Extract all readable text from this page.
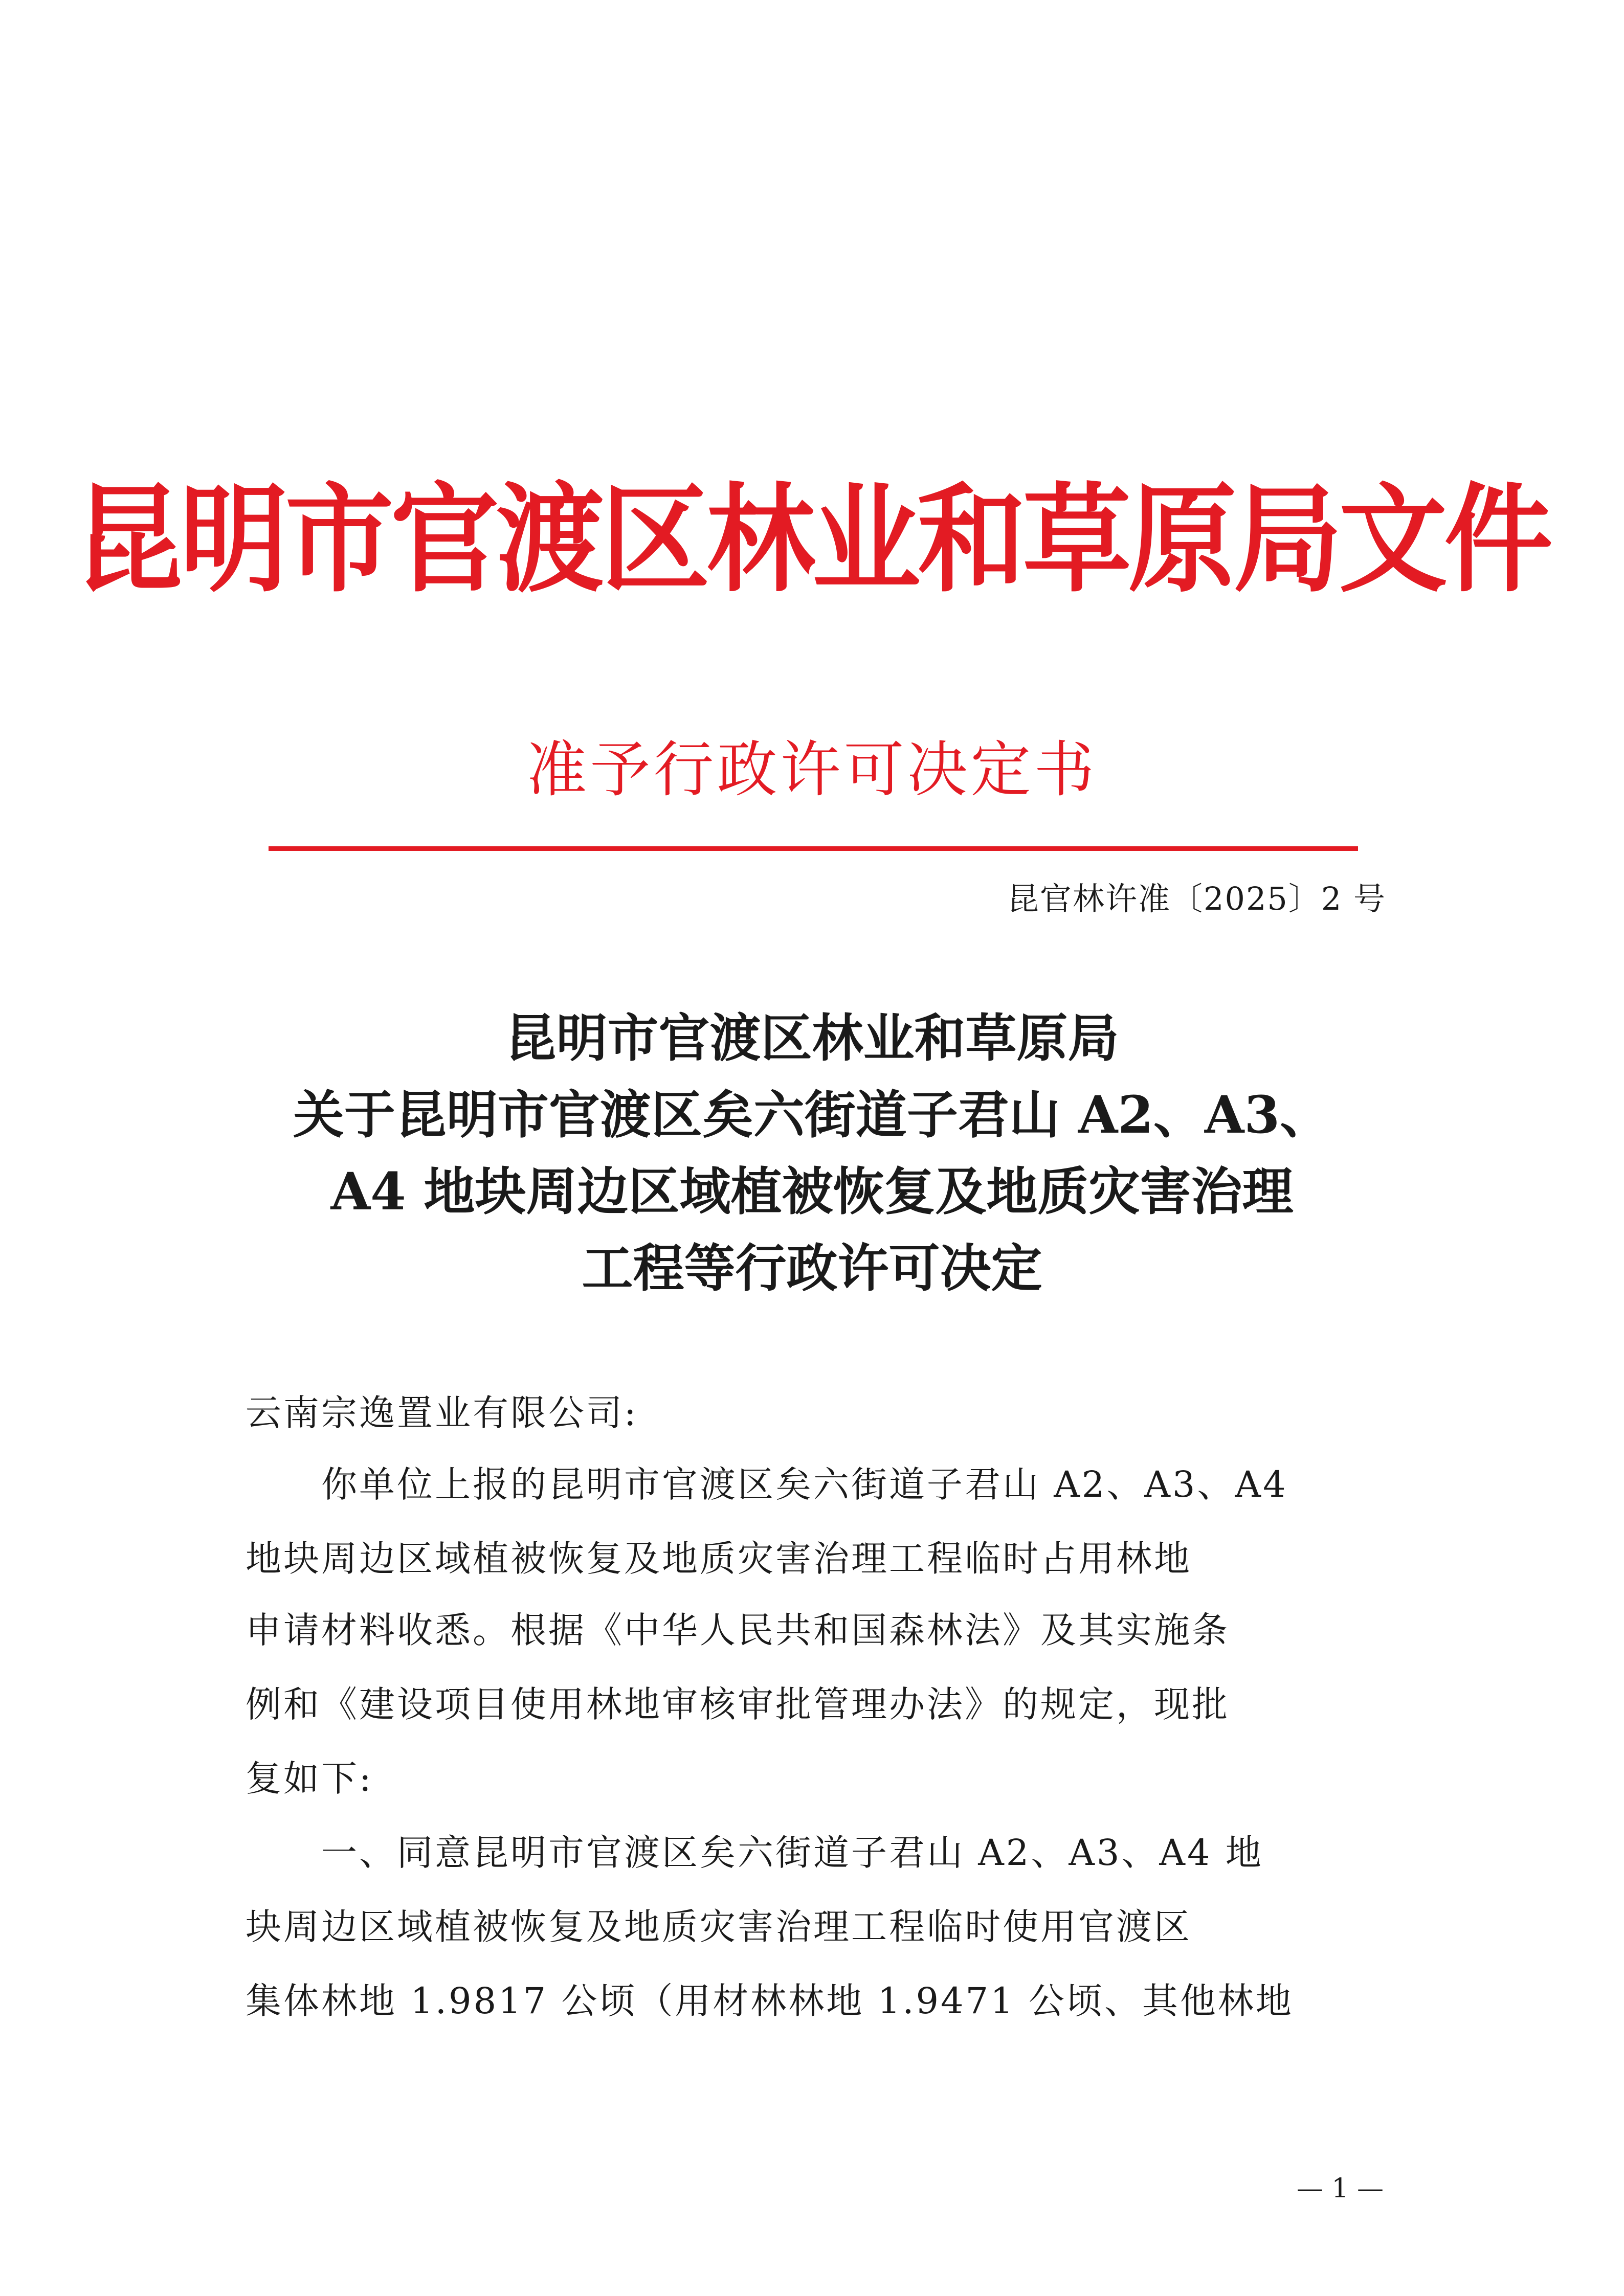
昆明市官渡区林业和草原局文件
准予行政许可决定书
昆官林许准〔2025〕2 号
昆明市官渡区林业和草原局
关于昆明市官渡区矣六街道子君山 A2、A3、
A4 地块周边区域植被恢复及地质灾害治理
工程等行政许可决定
云南宗逸置业有限公司:
　　你单位上报的昆明市官渡区矣六街道子君山 A2、A3、A4
地块周边区域植被恢复及地质灾害治理工程临时占用林地
申请材料收悉。根据《中华人民共和国森林法》及其实施条
例和《建设项目使用林地审核审批管理办法》的规定，现批
复如下:
　　一、同意昆明市官渡区矣六街道子君山 A2、A3、A4 地
块周边区域植被恢复及地质灾害治理工程临时使用官渡区
集体林地 1.9817 公顷（用材林林地 1.9471 公顷、其他林地
— 1 —
